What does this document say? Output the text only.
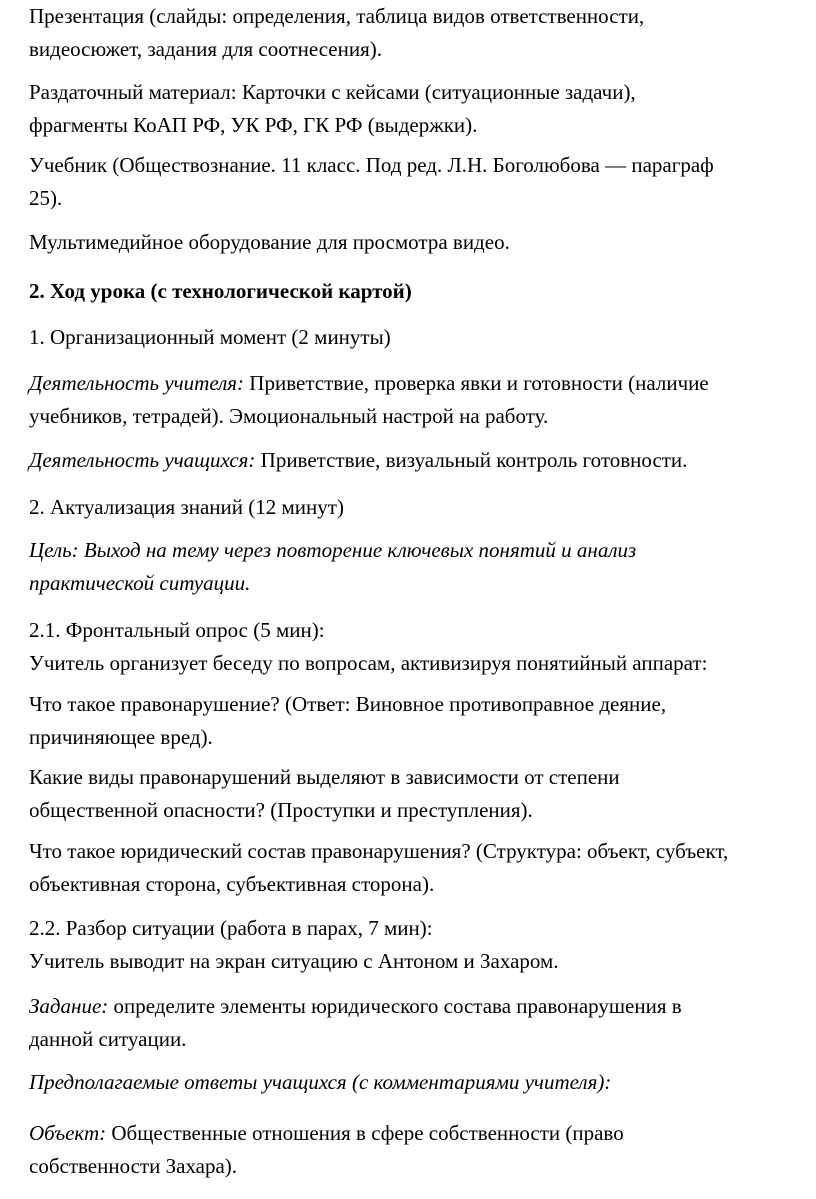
Презентация (слайды: определения, таблица видов ответственности,
видеосюжет, задания для соотнесения).

Раздаточный материал: Карточки с кейсами (ситуационные задачи),
фрагменты КоАП РФ, УК РФ, ГК РФ (выдержки).

Учебник (Обществознание. 11 класс. Под ред. Л.Н. Боголюбова — параграф
25).

Мультимедийное оборудование для просмотра видео.

2. Ход урока (с технологической картой)

1. Организационный момент (2 минуты)

Деятельность учителя: Приветствие, проверка явки и готовности (наличие
учебников, тетрадей). Эмоциональный настрой на работу.

Деятельность учащихся: Приветствие, визуальный контроль готовности.

2. Актуализация знаний (12 минут)

Цель: Выход на тему через повторение ключевых понятий и анализ
практической ситуации.

2.1. Фронтальный опрос (5 мин):
Учитель организует беседу по вопросам, активизируя понятийный аппарат:

Что такое правонарушение? (Ответ: Виновное противоправное деяние,
причиняющее вред).

Какие виды правонарушений выделяют в зависимости от степени
общественной опасности? (Проступки и преступления).

Что такое юридический состав правонарушения? (Структура: объект, субъект,
объективная сторона, субъективная сторона).

2.2. Разбор ситуации (работа в парах, 7 мин):
Учитель выводит на экран ситуацию с Антоном и Захаром.

Задание: определите элементы юридического состава правонарушения в
данной ситуации.

Предполагаемые ответы учащихся (с комментариями учителя):

Объект: Общественные отношения в сфере собственности (право
собственности Захара).
